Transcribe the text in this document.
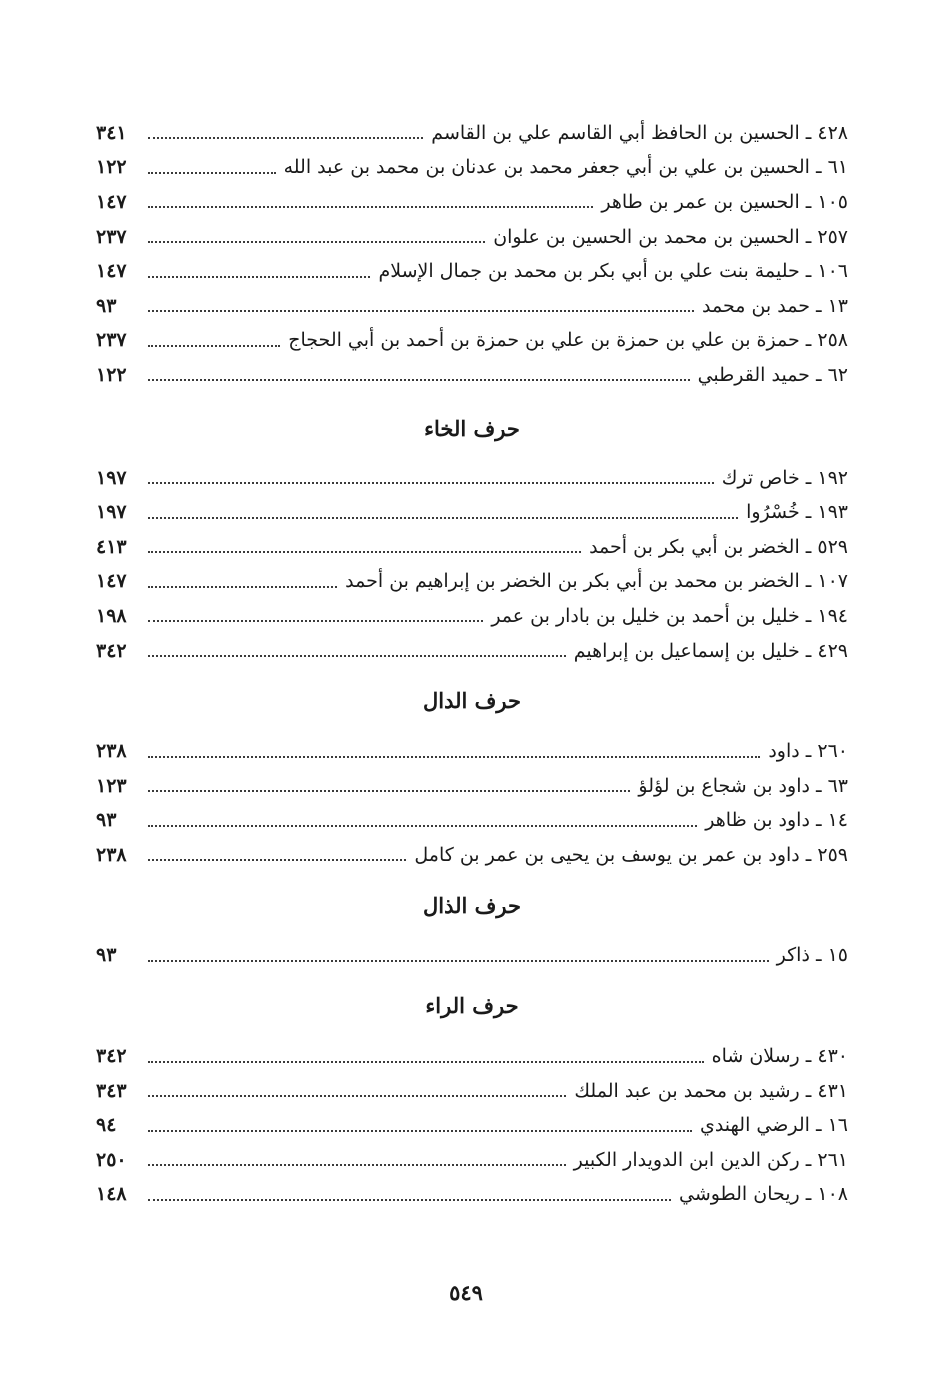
٤٢٨ ـ الحسين بن الحافظ أبي القاسم علي بن القاسم
٣٤١
٦١ ـ الحسين بن علي بن أبي جعفر محمد بن عدنان بن محمد بن عبد الله
١٢٢
١٠٥ ـ الحسين بن عمر بن طاهر
١٤٧
٢٥٧ ـ الحسين بن محمد بن الحسين بن علوان
٢٣٧
١٠٦ ـ حليمة بنت علي بن أبي بكر بن محمد بن جمال الإسلام
١٤٧
١٣ ـ حمد بن محمد
٩٣
٢٥٨ ـ حمزة بن علي بن حمزة بن علي بن حمزة بن أحمد بن أبي الحجاج
٢٣٧
٦٢ ـ حميد القرطبي
١٢٢
حرف الخاء
١٩٢ ـ خاص ترك
١٩٧
١٩٣ ـ خُسْرُوا
١٩٧
٥٢٩ ـ الخضر بن أبي بكر بن أحمد
٤١٣
١٠٧ ـ الخضر بن محمد بن أبي بكر بن الخضر بن إبراهيم بن أحمد
١٤٧
١٩٤ ـ خليل بن أحمد بن خليل بن بادار بن عمر
١٩٨
٤٢٩ ـ خليل بن إسماعيل بن إبراهيم
٣٤٢
حرف الدال
٢٦٠ ـ داود
٢٣٨
٦٣ ـ داود بن شجاع بن لؤلؤ
١٢٣
١٤ ـ داود بن ظاهر
٩٣
٢٥٩ ـ داود بن عمر بن يوسف بن يحيى بن عمر بن كامل
٢٣٨
حرف الذال
١٥ ـ ذاكر
٩٣
حرف الراء
٤٣٠ ـ رسلان شاه
٣٤٢
٤٣١ ـ رشيد بن محمد بن عبد الملك
٣٤٣
١٦ ـ الرضي الهندي
٩٤
٢٦١ ـ ركن الدين ابن الدويدار الكبير
٢٥٠
١٠٨ ـ ريحان الطوشي
١٤٨
٥٤٩
